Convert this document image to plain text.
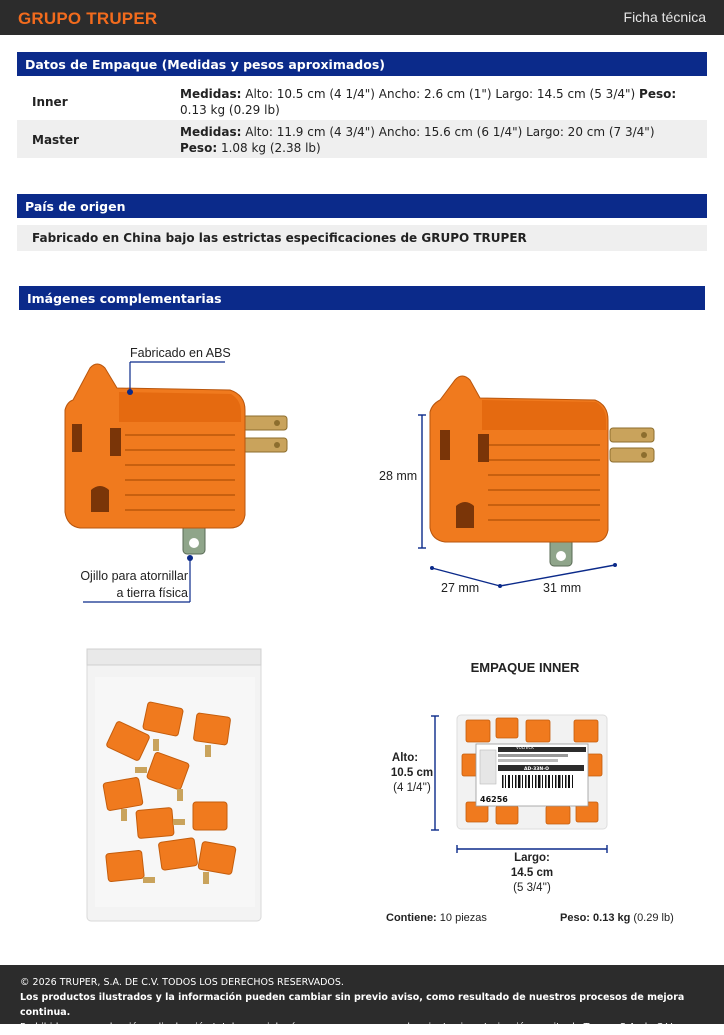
GRUPO TRUPER	Ficha técnica
Datos de Empaque (Medidas y pesos aproximados)
Inner
Medidas: Alto: 10.5 cm (4 1/4") Ancho: 2.6 cm (1") Largo: 14.5 cm (5 3/4") Peso: 0.13 kg (0.29 lb)
Master
Medidas: Alto: 11.9 cm (4 3/4") Ancho: 15.6 cm (6 1/4") Largo: 20 cm (7 3/4") Peso: 1.08 kg (2.38 lb)
País de origen
Fabricado en China bajo las estrictas especificaciones de GRUPO TRUPER
Imágenes complementarias
Fabricado en ABS
Ojillo para atornillar
a tierra física
28 mm
27 mm	31 mm
EMPAQUE INNER
46256
VOLTECK
AD-33N-O
Alto:
10.5 cm
(4 1/4'')
Largo:
14.5 cm
(5 3/4'')
Contiene: 10 piezas	Peso: 0.13 kg (0.29 lb)
© 2026 TRUPER, S.A. DE C.V. TODOS LOS DERECHOS RESERVADOS.
Los productos ilustrados y la información pueden cambiar sin previo aviso, como resultado de nuestros procesos de mejora continua.
Prohibida su reproducción o divulgación total o parcial así como su uso o aprovechamiento sin autorización escrita de Truper, S.A. de C.V.
